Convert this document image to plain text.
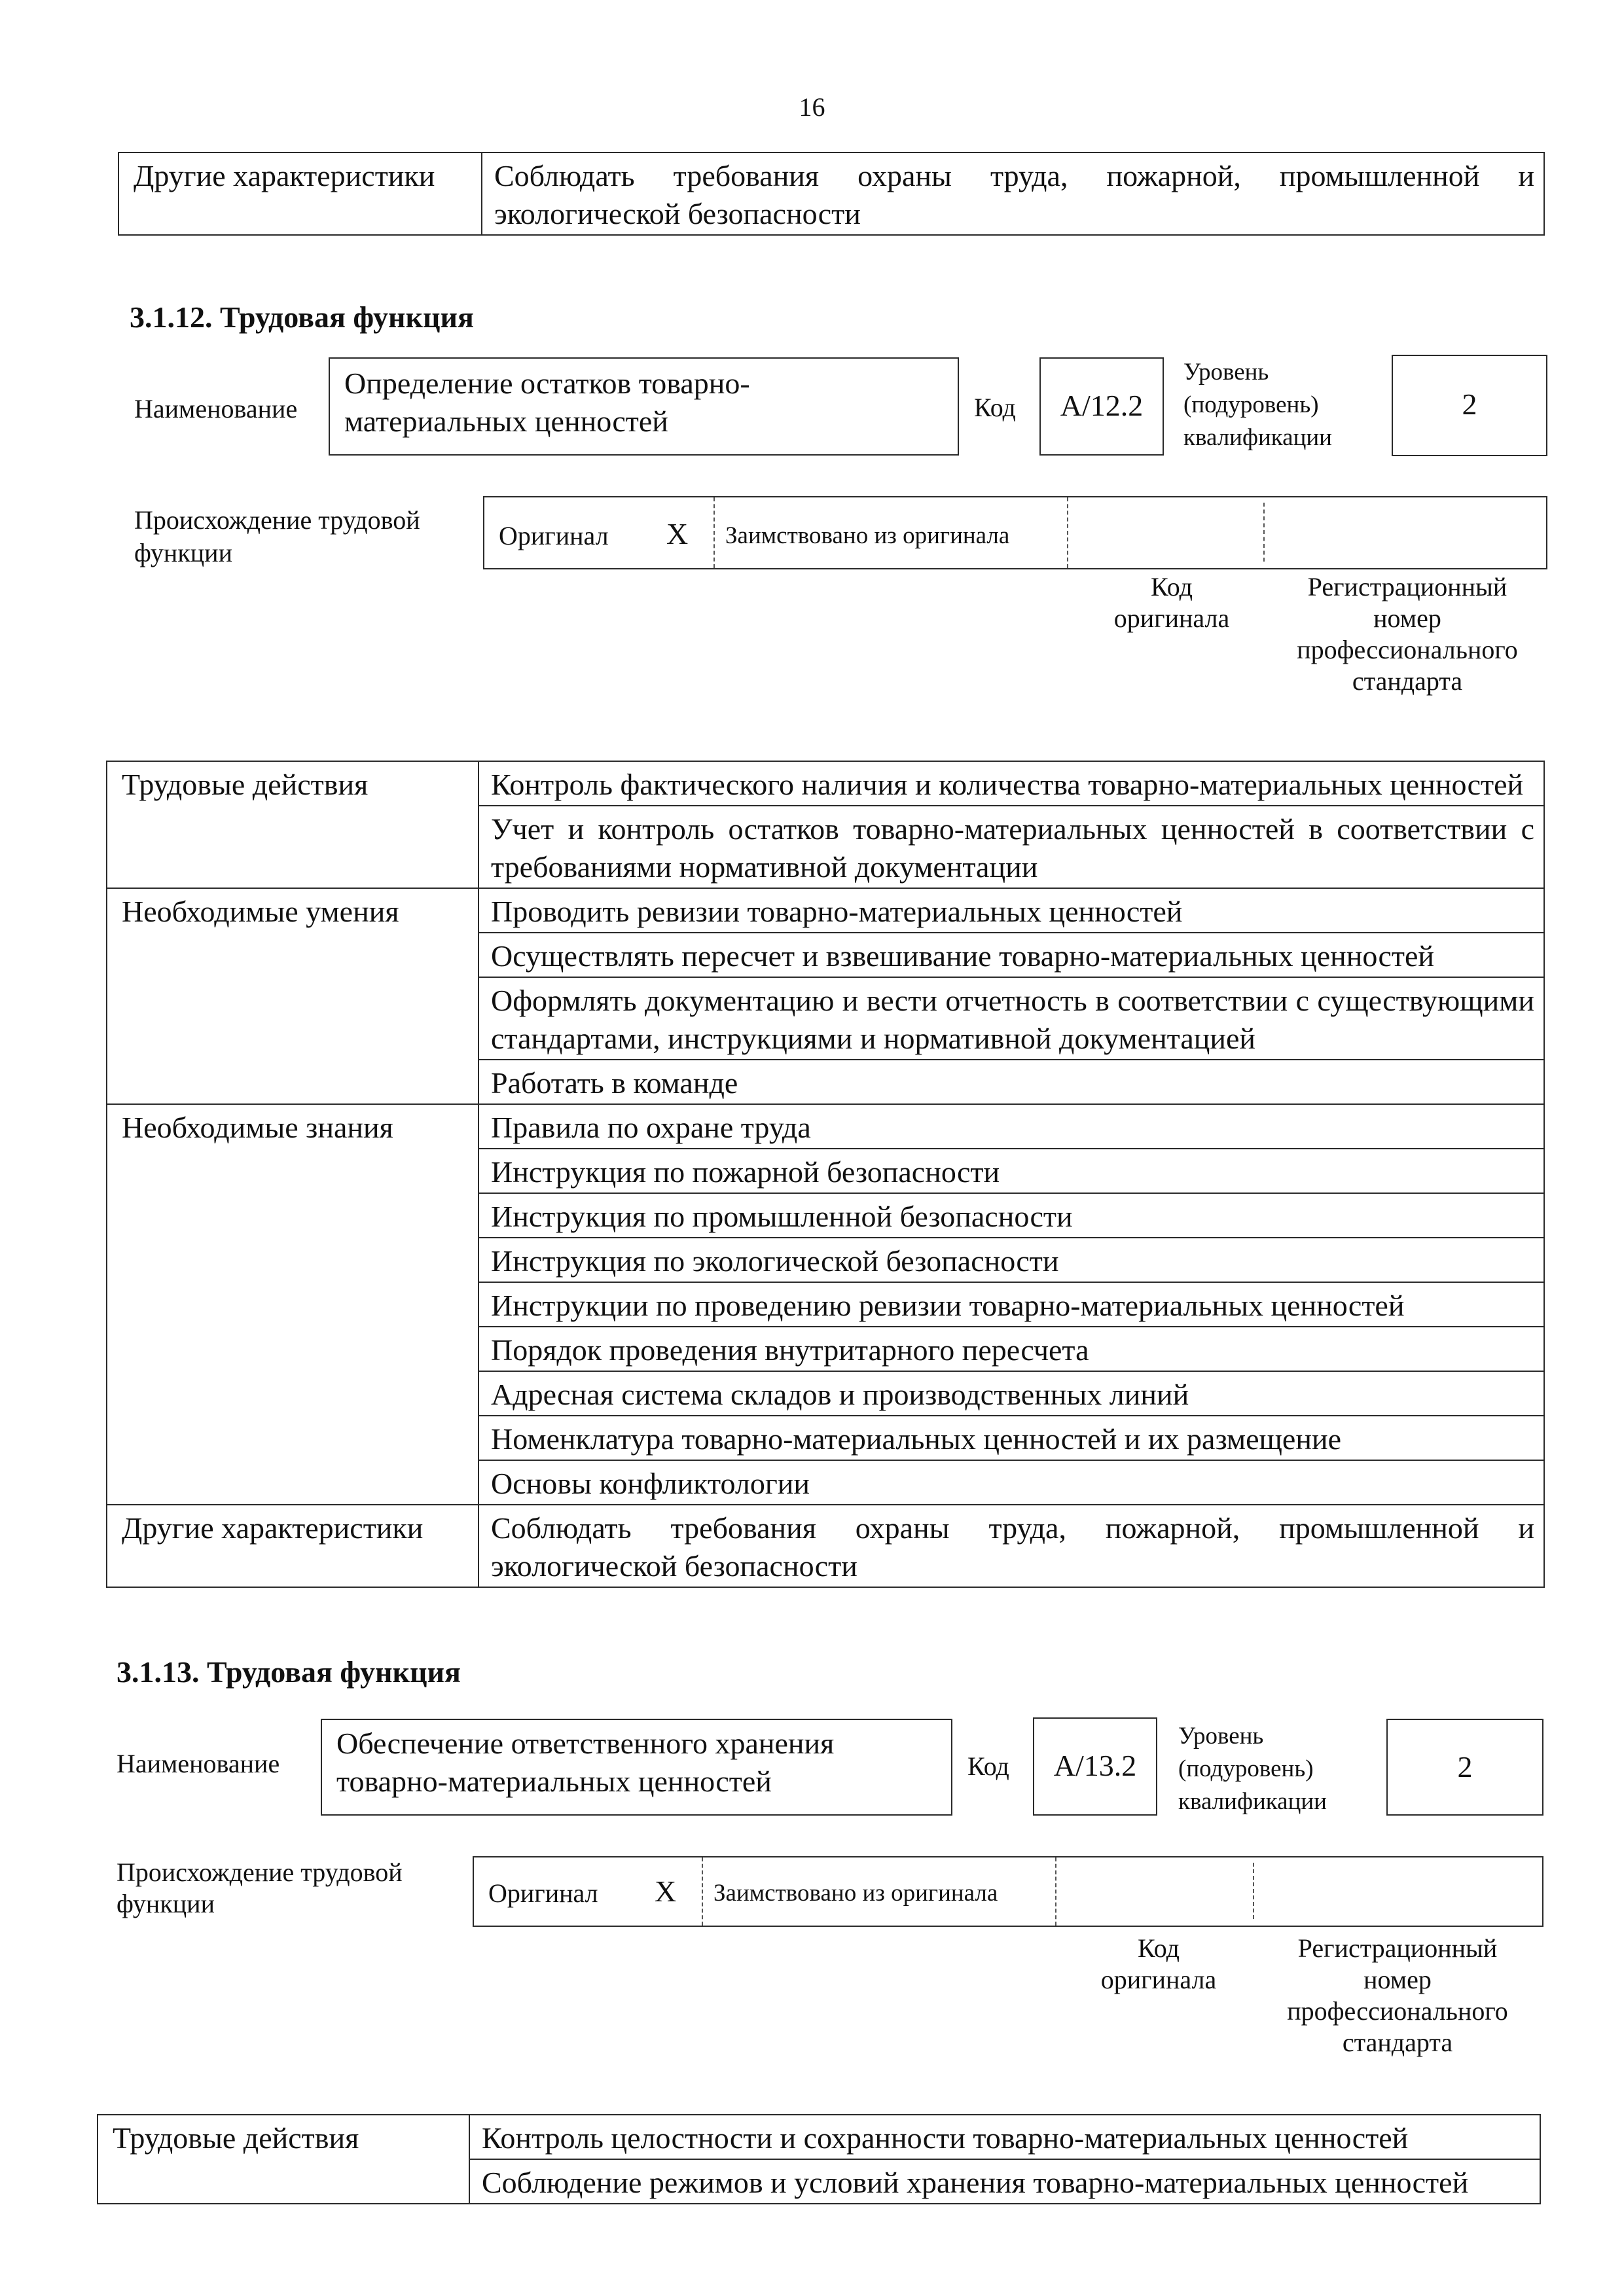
16
Другие характеристики	Соблюдать требования охраны труда, пожарной, промышленной и экологической безопасности
3.1.12. Трудовая функция
Наименование
Определение остатков товарно-
материальных ценностей	Код	А/12.2
Уровень
(подуровень)
квалификации
2
Происхождение трудовой
функции
Оригинал X Заимствовано из оригинала
Код
оригинала
Регистрационный
номер
профессионального
стандарта
Трудовые действия	Контроль фактического наличия и количества товарно-материальных ценностей
	Учет и контроль остатков товарно-материальных ценностей в соответствии с требованиями нормативной документации
Необходимые умения	Проводить ревизии товарно-материальных ценностей
	Осуществлять пересчет и взвешивание товарно-материальных ценностей
	Оформлять документацию и вести отчетность в соответствии с существующими стандартами, инструкциями и нормативной документацией
	Работать в команде
Необходимые знания	Правила по охране труда
	Инструкция по пожарной безопасности
	Инструкция по промышленной безопасности
	Инструкция по экологической безопасности
	Инструкции по проведению ревизии товарно-материальных ценностей
	Порядок проведения внутритарного пересчета
	Адресная система складов и производственных линий
	Номенклатура товарно-материальных ценностей и их размещение
	Основы конфликтологии
Другие характеристики	Соблюдать требования охраны труда, пожарной, промышленной и экологической безопасности
3.1.13. Трудовая функция
Наименование
Обеспечение ответственного хранения
товарно-материальных ценностей	Код	А/13.2
Уровень
(подуровень)
квалификации
2
Происхождение трудовой
функции	Оригинал X Заимствовано из оригинала
Код
оригинала
Регистрационный
номер
профессионального
стандарта
Трудовые действия	Контроль целостности и сохранности товарно-материальных ценностей
Соблюдение режимов и условий хранения товарно-материальных ценностей
